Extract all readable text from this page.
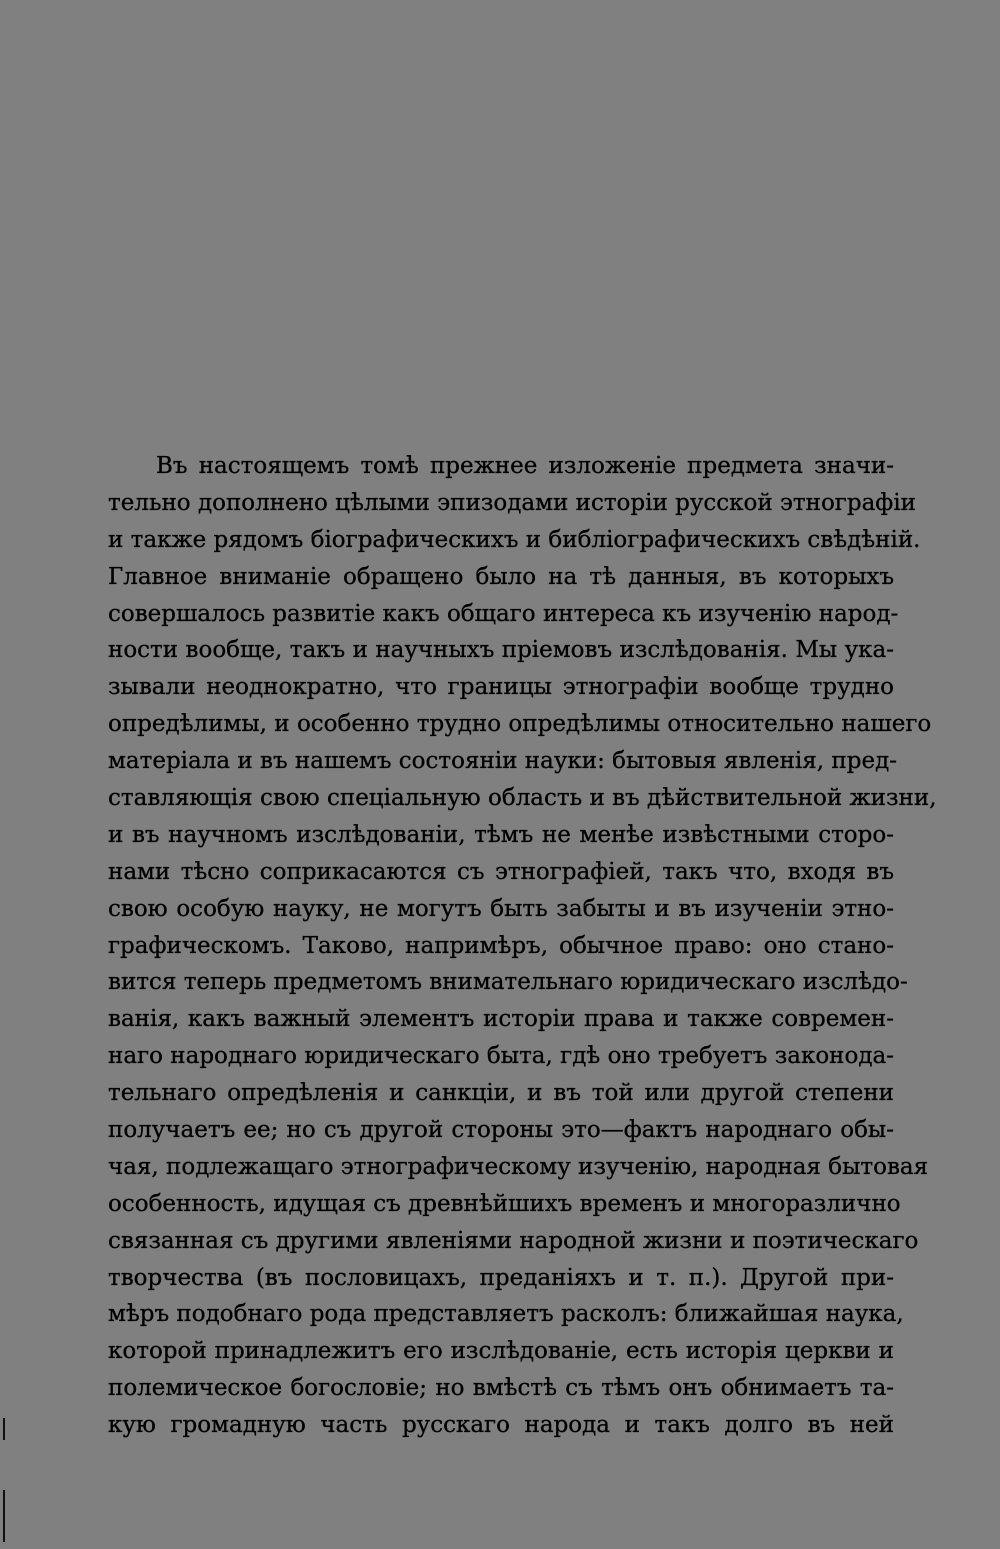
Въ настоящемъ томѣ прежнее изложеніе предмета значи-
тельно дополнено цѣлыми эпизодами исторіи русской этнографіи
и также рядомъ біографическихъ и библіографическихъ свѣдѣній.
Главное вниманіе обращено было на тѣ данныя, въ которыхъ
совершалось развитіе какъ общаго интереса къ изученію народ-
ности вообще, такъ и научныхъ пріемовъ изслѣдованія. Мы ука-
зывали неоднократно, что границы этнографіи вообще трудно
опредѣлимы, и особенно трудно опредѣлимы относительно нашего
матеріала и въ нашемъ состояніи науки: бытовыя явленія, пред-
ставляющія свою спеціальную область и въ дѣйствительной жизни,
и въ научномъ изслѣдованіи, тѣмъ не менѣе извѣстными сторо-
нами тѣсно соприкасаются съ этнографіей, такъ что, входя въ
свою особую науку, не могутъ быть забыты и въ изученіи этно-
графическомъ. Таково, напримѣръ, обычное право: оно стано-
вится теперь предметомъ внимательнаго юридическаго изслѣдо-
ванія, какъ важный элементъ исторіи права и также современ-
наго народнаго юридическаго быта, гдѣ оно требуетъ законода-
тельнаго опредѣленія и санкціи, и въ той или другой степени
получаетъ ее; но съ другой стороны это—фактъ народнаго обы-
чая, подлежащаго этнографическому изученію, народная бытовая
особенность, идущая съ древнѣйшихъ временъ и многоразлично
связанная съ другими явленіями народной жизни и поэтическаго
творчества (въ пословицахъ, преданіяхъ и т. п.). Другой при-
мѣръ подобнаго рода представляетъ расколъ: ближайшая наука,
которой принадлежитъ его изслѣдованіе, есть исторія церкви и
полемическое богословіе; но вмѣстѣ съ тѣмъ онъ обнимаетъ та-
кую громадную часть русскаго народа и такъ долго въ ней
